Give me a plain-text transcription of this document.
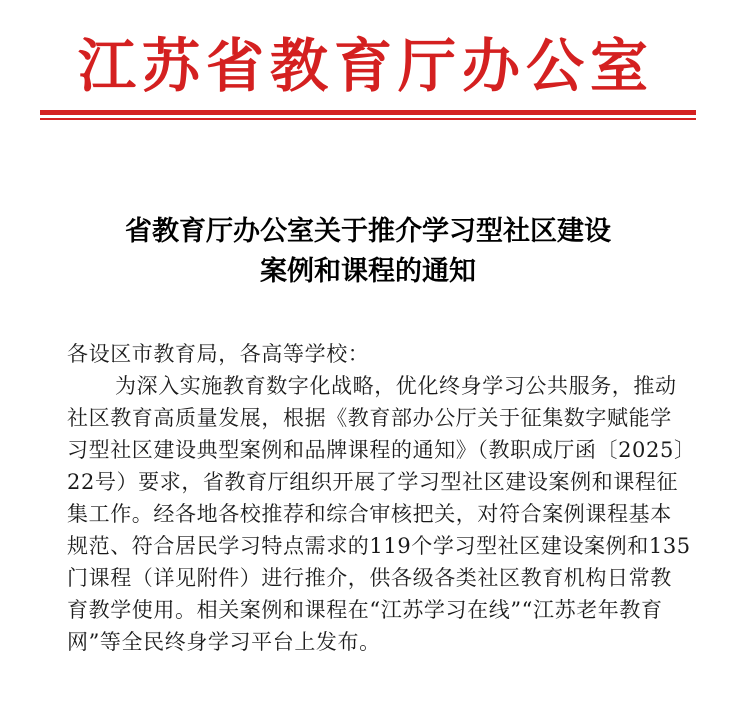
江苏省教育厅办公室
省教育厅办公室关于推介学习型社区建设
案例和课程的通知
各设区市教育局，各高等学校：
为深入实施教育数字化战略，优化终身学习公共服务，推动
社区教育高质量发展，根据《教育部办公厅关于征集数字赋能学
习型社区建设典型案例和品牌课程的通知》（教职成厅函〔2025〕
22号）要求，省教育厅组织开展了学习型社区建设案例和课程征
集工作。经各地各校推荐和综合审核把关，对符合案例课程基本
规范、符合居民学习特点需求的119个学习型社区建设案例和135
门课程（详见附件）进行推介，供各级各类社区教育机构日常教
育教学使用。相关案例和课程在“江苏学习在线”“江苏老年教育
网”等全民终身学习平台上发布。
